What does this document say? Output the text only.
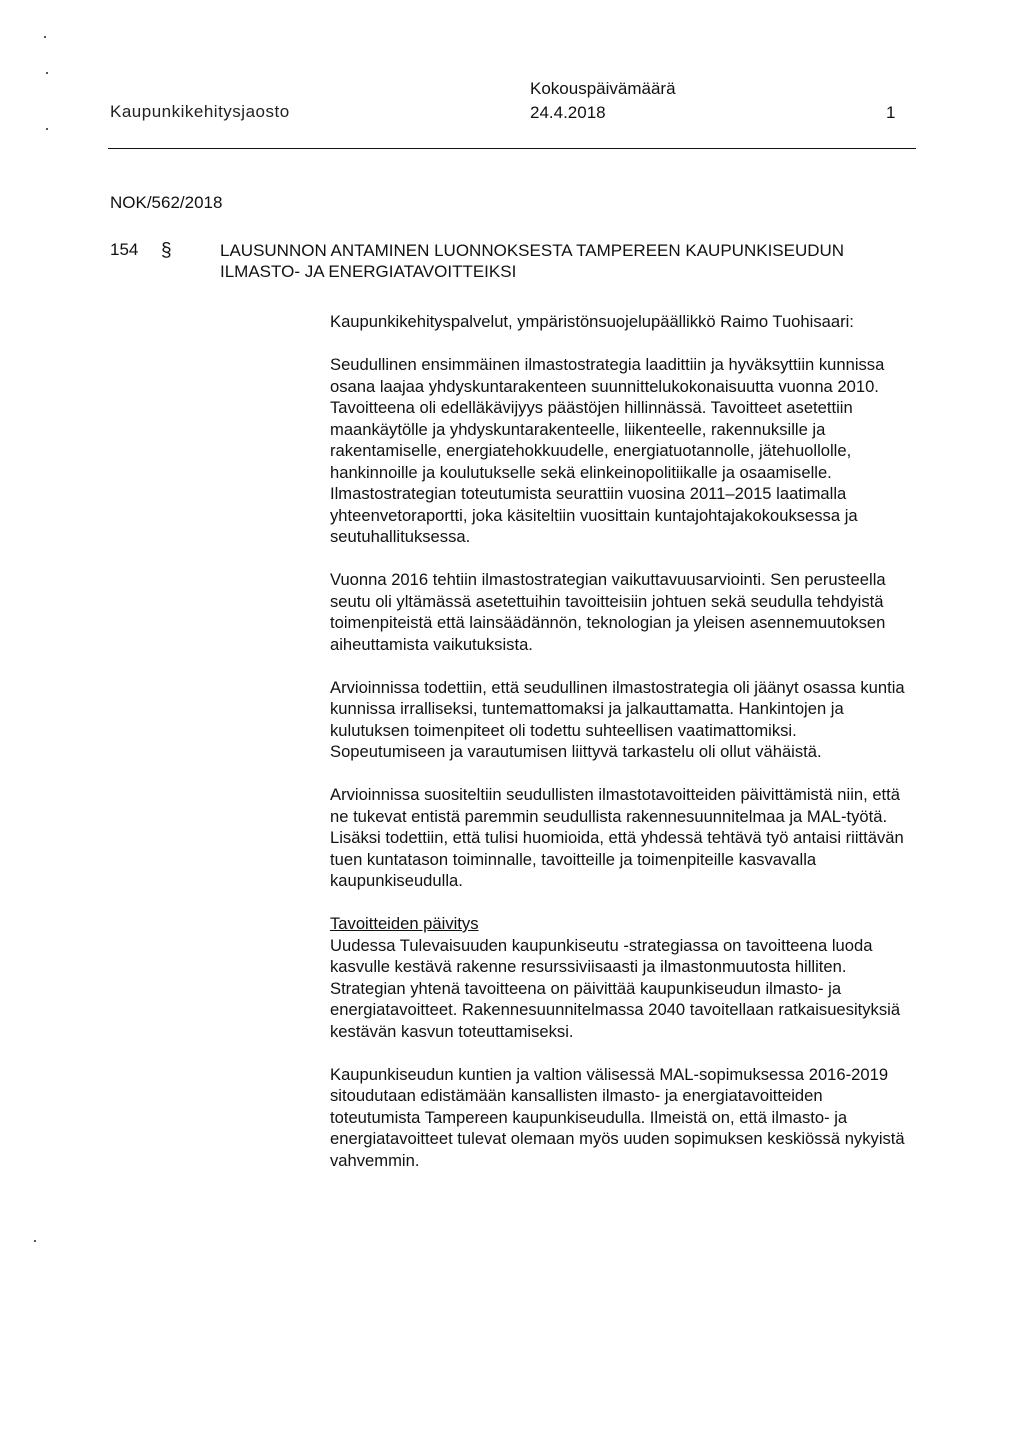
Kaupunkikehitysjaosto
Kokouspäivämäärä
24.4.2018	1
NOK/562/2018
154 §	LAUSUNNON ANTAMINEN LUONNOKSESTA TAMPEREEN KAUPUNKISEUDUN ILMASTO- JA ENERGIATAVOITTEIKSI

Kaupunkikehityspalvelut, ympäristönsuojelupäällikkö Raimo Tuohisaari:

Seudullinen ensimmäinen ilmastostrategia laadittiin ja hyväksyttiin kunnissa osana laajaa yhdyskuntarakenteen suunnittelukokonaisuutta vuonna 2010. Tavoitteena oli edelläkävijyys päästöjen hillinnässä. Tavoitteet asetettiin maankäytölle ja yhdyskuntarakenteelle, liikenteelle, rakennuksille ja rakentamiselle, energiatehokkuudelle, energiatuotannolle, jätehuollolle, hankinnoille ja koulutukselle sekä elinkeinopolitiikalle ja osaamiselle. Ilmastostrategian toteutumista seurattiin vuosina 2011–2015 laatimalla yhteenvetoraportti, joka käsiteltiin vuosittain kuntajohtajakokouksessa ja seutuhallituksessa.

Vuonna 2016 tehtiin ilmastostrategian vaikuttavuusarviointi. Sen perusteella seutu oli yltämässä asetettuihin tavoitteisiin johtuen sekä seudulla tehdyistä toimenpiteistä että lainsäädännön, teknologian ja yleisen asennemuutoksen aiheuttamista vaikutuksista.

Arvioinnissa todettiin, että seudullinen ilmastostrategia oli jäänyt osassa kuntia kunnissa irralliseksi, tuntemattomaksi ja jalkauttamatta. Hankintojen ja kulutuksen toimenpiteet oli todettu suhteellisen vaatimattomiksi. Sopeutumiseen ja varautumisen liittyvä tarkastelu oli ollut vähäistä.

Arvioinnissa suositeltiin seudullisten ilmastotavoitteiden päivittämistä niin, että ne tukevat entistä paremmin seudullista rakennesuunnitelmaa ja MAL-työtä. Lisäksi todettiin, että tulisi huomioida, että yhdessä tehtävä työ antaisi riittävän tuen kuntatason toiminnalle, tavoitteille ja toimenpiteille kasvavalla kaupunkiseudulla.

Tavoitteiden päivitys
Uudessa Tulevaisuuden kaupunkiseutu -strategiassa on tavoitteena luoda kasvulle kestävä rakenne resurssiviisaasti ja ilmastonmuutosta hilliten. Strategian yhtenä tavoitteena on päivittää kaupunkiseudun ilmasto- ja energiatavoitteet. Rakennesuunnitelmassa 2040 tavoitellaan ratkaisuesityksiä kestävän kasvun toteuttamiseksi.

Kaupunkiseudun kuntien ja valtion välisessä MAL-sopimuksessa 2016-2019 sitoudutaan edistämään kansallisten ilmasto- ja energiatavoitteiden toteutumista Tampereen kaupunkiseudulla. Ilmeistä on, että ilmasto- ja energiatavoitteet tulevat olemaan myös uuden sopimuksen keskiössä nykyistä vahvemmin.
